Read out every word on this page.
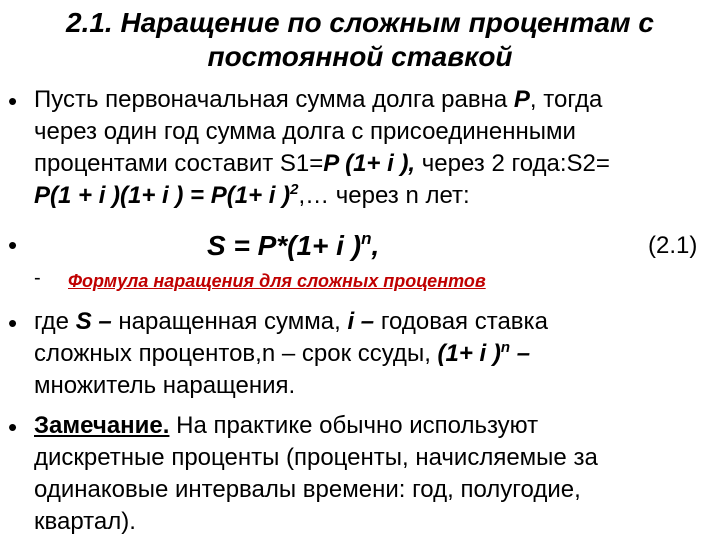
2.1. Наращение по сложным процентам с
постоянной ставкой
• Пусть первоначальная сумма долга равна P, тогда
через один год сумма долга с присоединенными
процентами составит S1=P (1+ i ), через 2 года:S2=
P(1 + i )(1+ i ) = P(1+ i )$^2$,… через n лет:
•	S = P*(1+ i )$^n$,	(2.1)
- Формула наращения для сложных процентов
• где S – наращенная сумма, i – годовая ставка
сложных процентов,n – срок ссуды, (1+ i )$^n$ –
множитель наращения.
• Замечание. На практике обычно используют
дискретные проценты (проценты, начисляемые за
одинаковые интервалы времени: год, полугодие,
квартал).
